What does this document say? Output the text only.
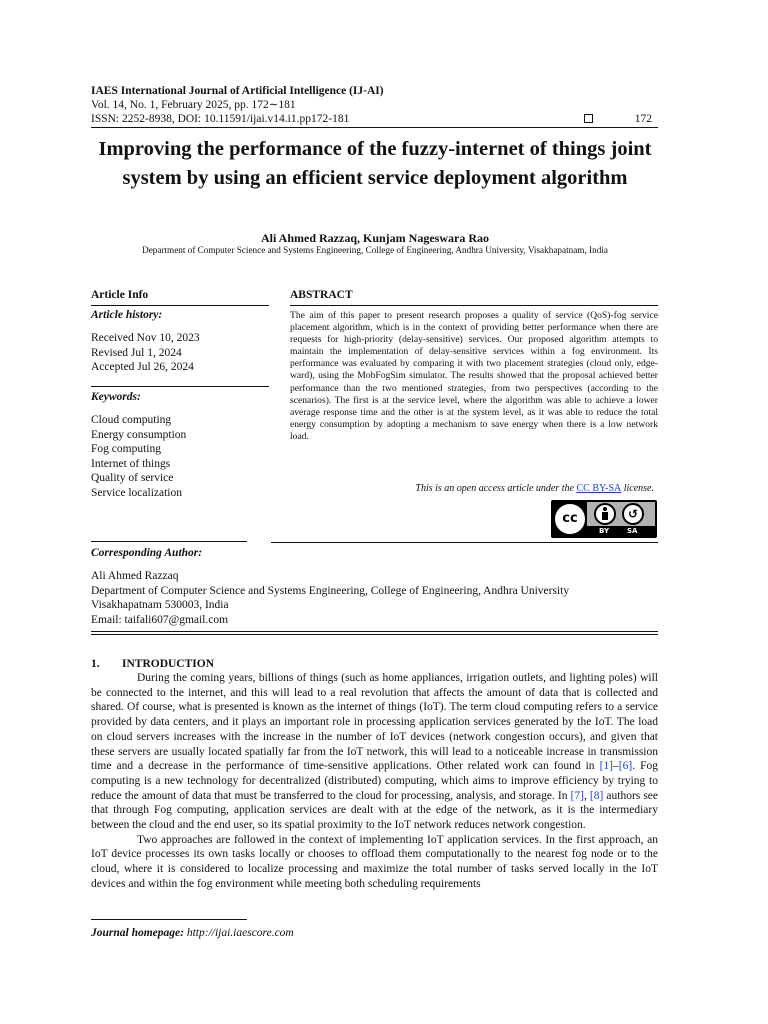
IAES International Journal of Artificial Intelligence (IJ-AI)
Vol. 14, No. 1, February 2025, pp. 172∼181
ISSN: 2252-8938, DOI: 10.11591/ijai.v14.i1.pp172-181	172
Improving the performance of the fuzzy-internet of things joint system by using an efficient service deployment algorithm
Ali Ahmed Razzaq, Kunjam Nageswara Rao
Department of Computer Science and Systems Engineering, College of Engineering, Andhra University, Visakhapatnam, India
Article Info
Article history:
Received Nov 10, 2023
Revised Jul 1, 2024
Accepted Jul 26, 2024
Keywords:
Cloud computing
Energy consumption
Fog computing
Internet of things
Quality of service
Service localization
ABSTRACT
The aim of this paper to present research proposes a quality of service (QoS)-fog service placement algorithm, which is in the context of providing better performance when there are requests for high-priority (delay-sensitive) services. Our proposed algorithm attempts to maintain the implementation of delay-sensitive services within a fog environment. Its performance was evaluated by comparing it with two placement strategies (cloud only, edge-ward), using the MobFogSim simulator. The results showed that the proposal achieved better performance than the two mentioned strategies, from two perspectives (according to the scenarios). The first is at the service level, where the algorithm was able to achieve a lower average response time and the other is at the system level, as it was able to reduce the total energy consumption by adopting a mechanism to save energy when there is a low network load.
This is an open access article under the CC BY-SA license.
cc	↺
BY	SA
Corresponding Author:
Ali Ahmed Razzaq
Department of Computer Science and Systems Engineering, College of Engineering, Andhra University
Visakhapatnam 530003, India
Email: taifali607@gmail.com
1. INTRODUCTION

During the coming years, billions of things (such as home appliances, irrigation outlets, and lighting poles) will be connected to the internet, and this will lead to a real revolution that affects the amount of data that is collected and shared. Of course, what is presented is known as the internet of things (IoT). The term cloud computing refers to a service provided by data centers, and it plays an important role in processing application services generated by the IoT. The load on cloud servers increases with the increase in the number of IoT devices (network congestion occurs), and given that these servers are usually located spatially far from the IoT network, this will lead to a noticeable increase in transmission time and a decrease in the performance of time-sensitive applications. Other related work can found in [1]–[6]. Fog computing is a new technology for decentralized (distributed) computing, which aims to improve efficiency by trying to reduce the amount of data that must be transferred to the cloud for processing, analysis, and storage. In [7], [8] authors see that through Fog computing, application services are dealt with at the edge of the network, as it is the intermediary between the cloud and the end user, so its spatial proximity to the IoT network reduces network congestion.

Two approaches are followed in the context of implementing IoT application services. In the first approach, an IoT device processes its own tasks locally or chooses to offload them computationally to the nearest fog node or to the cloud, where it is considered to localize processing and maximize the total number of tasks served locally in the IoT devices and within the fog environment while meeting both scheduling requirements

Journal homepage: http://ijai.iaescore.com
